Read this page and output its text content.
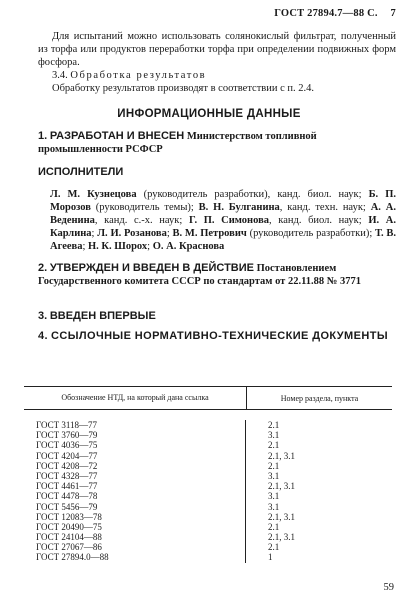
ГОСТ 27894.7—88 С. 7
Для испытаний можно использовать солянокислый фильтрат, полученный из торфа или продуктов переработки торфа при определении подвижных форм фосфора.
3.4. Обработка результатов
Обработку результатов производят в соответствии с п. 2.4.
ИНФОРМАЦИОННЫЕ ДАННЫЕ
1. РАЗРАБОТАН И ВНЕСЕН Министерством топливной промышленности РСФСР
ИСПОЛНИТЕЛИ
Л. М. Кузнецова (руководитель разработки), канд. биол. наук; Б. П. Морозов (руководитель темы); В. Н. Булганина, канд. техн. наук; А. А. Веденина, канд. с.-х. наук; Г. П. Симонова, канд. биол. наук; И. А. Карлина; Л. И. Розанова; В. М. Петрович (руководитель разработки); Т. В. Агеева; Н. К. Шорох; О. А. Краснова
2. УТВЕРЖДЕН И ВВЕДЕН В ДЕЙСТВИЕ Постановлением Государственного комитета СССР по стандартам от 22.11.88 № 3771
3. ВВЕДЕН ВПЕРВЫЕ
4. ССЫЛОЧНЫЕ НОРМАТИВНО-ТЕХНИЧЕСКИЕ ДОКУМЕНТЫ
Обозначение НТД, на который дана ссылка	Номер раздела, пункта
ГОСТ 3118—77	2.1
ГОСТ 3760—79	3.1
ГОСТ 4036—75	2.1
ГОСТ 4204—77	2.1, 3.1
ГОСТ 4208—72	2.1
ГОСТ 4328—77	3.1
ГОСТ 4461—77	2.1, 3.1
ГОСТ 4478—78	3.1
ГОСТ 5456—79	3.1
ГОСТ 12083—78	2.1, 3.1
ГОСТ 20490—75	2.1
ГОСТ 24104—88	2.1, 3.1
ГОСТ 27067—86	2.1
ГОСТ 27894.0—88	1
59
